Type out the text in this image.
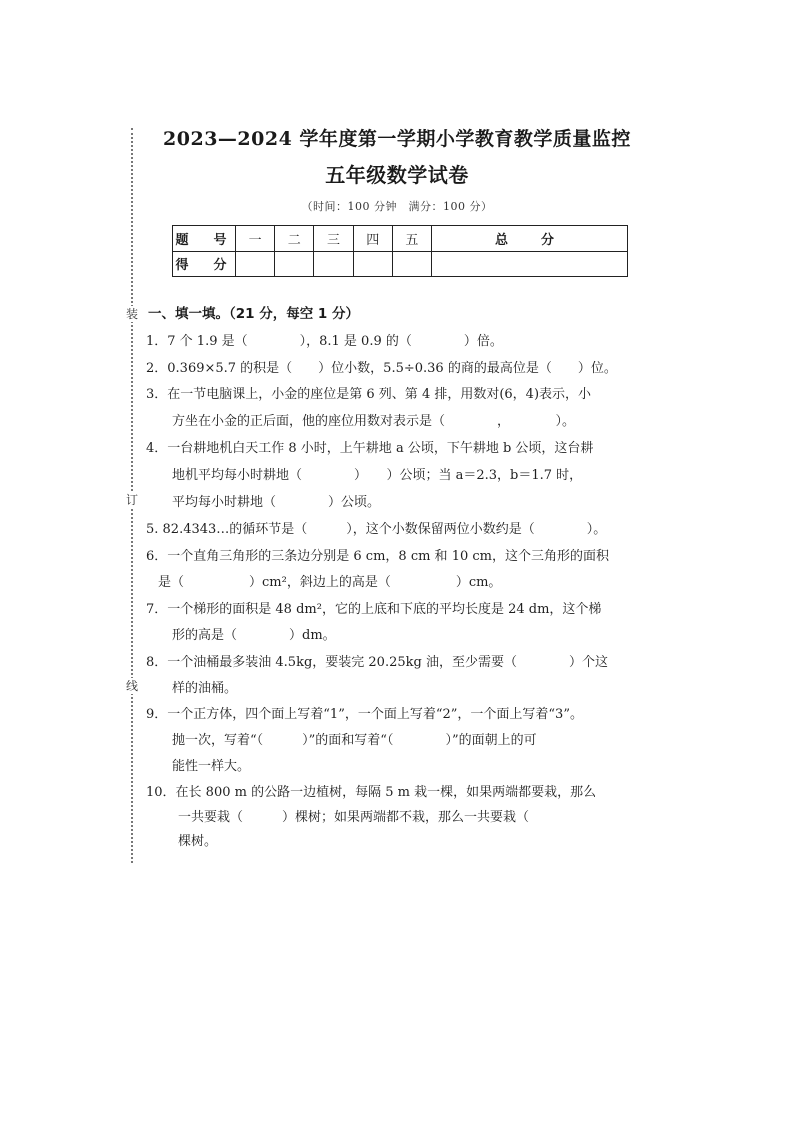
装
订
线
2023—2024 学年度第一学期小学教育教学质量监控
五年级数学试卷
（时间：100 分钟　满分：100 分）
题　号	一	二	三	四	五	总　分
得　分						
一、填一填。（21 分，每空 1 分）
1．7 个 1.9 是（　　　　），8.1 是 0.9 的（　　　　）倍。
2．0.369×5.7 的积是（　　）位小数，5.5÷0.36 的商的最高位是（　　）位。
3．在一节电脑课上，小金的座位是第 6 列、第 4 排，用数对(6，4)表示，小
方坐在小金的正后面，他的座位用数对表示是（　　　　，　　　　）。
4．一台耕地机白天工作 8 小时，上午耕地 a 公顷，下午耕地 b 公顷，这台耕
地机平均每小时耕地（　　　　）　　）公顷；当 a＝2.3，b＝1.7 时，
平均每小时耕地（　　　　）公顷。
5. 82.4343…的循环节是（　　　），这个小数保留两位小数约是（　　　　）。
6．一个直角三角形的三条边分别是 6 cm，8 cm 和 10 cm，这个三角形的面积
是（　　　　　）cm²，斜边上的高是（　　　　　）cm。
7．一个梯形的面积是 48 dm²，它的上底和下底的平均长度是 24 dm，这个梯
形的高是（　　　　）dm。
8．一个油桶最多装油 4.5kg，要装完 20.25kg 油，至少需要（　　　　）个这
样的油桶。
9．一个正方体，四个面上写着“1”，一个面上写着“2”，一个面上写着“3”。
抛一次，写着“（　　　）”的面和写着“（　　　　）”的面朝上的可
能性一样大。
10．在长 800 m 的公路一边植树，每隔 5 m 栽一棵，如果两端都要栽，那么
一共要栽（　　　）棵树；如果两端都不栽，那么一共要栽（
棵树。
